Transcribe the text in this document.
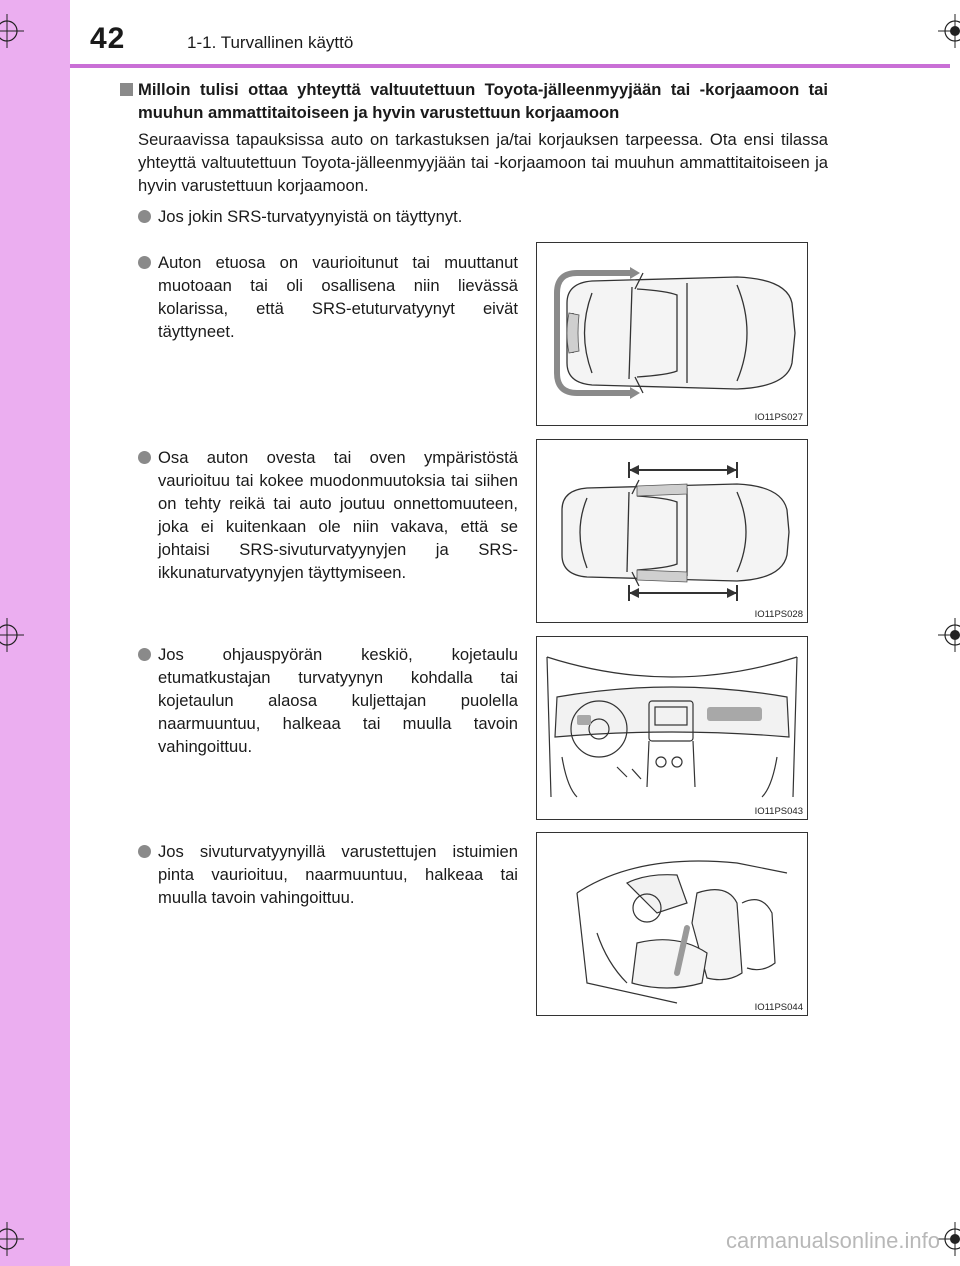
42	1-1. Turvallinen käyttö
Milloin tulisi ottaa yhteyttä valtuutettuun Toyota-jälleenmyyjään tai -korjaamoon tai muuhun ammattitaitoiseen ja hyvin varustettuun korjaamoon
Seuraavissa tapauksissa auto on tarkastuksen ja/tai korjauksen tarpeessa. Ota ensi tilassa yhteyttä valtuutettuun Toyota-jälleenmyyjään tai -korjaamoon tai muuhun ammattitaitoiseen ja hyvin varustettuun korjaamoon.
Jos jokin SRS-turvatyynyistä on täyttynyt.
Auton etuosa on vaurioitunut tai muuttanut muotoaan tai oli osallisena niin lievässä kolarissa, että SRS-etuturvatyynyt eivät täyttyneet.
Osa auton ovesta tai oven ympäristöstä vaurioituu tai kokee muodonmuutoksia tai siihen on tehty reikä tai auto joutuu onnettomuuteen, joka ei kuitenkaan ole niin vakava, että se johtaisi SRS-sivuturvatyynyjen ja SRS-ikkunaturvatyynyjen täyttymiseen.
Jos ohjauspyörän keskiö, kojetaulu etumatkustajan turvatyynyn kohdalla tai kojetaulun alaosa kuljettajan puolella naarmuuntuu, halkeaa tai muulla tavoin vahingoittuu.
Jos sivuturvatyynyillä varustettujen istuimien pinta vaurioituu, naarmuuntuu, halkeaa tai muulla tavoin vahingoittuu.
IO11PS027
IO11PS028
IO11PS043
IO11PS044
carmanualsonline.info
